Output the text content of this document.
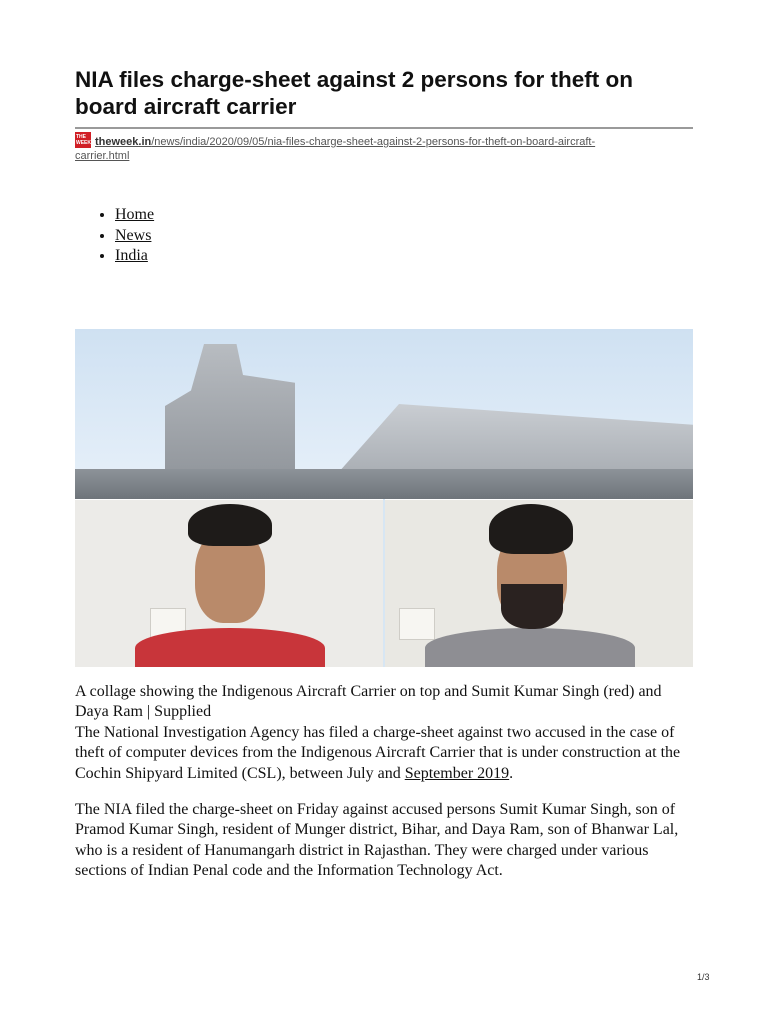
NIA files charge-sheet against 2 persons for theft on board aircraft carrier
THE WEEK theweek.in/news/india/2020/09/05/nia-files-charge-sheet-against-2-persons-for-theft-on-board-aircraft-
carrier.html
• Home
• News
• India

A collage showing the Indigenous Aircraft Carrier on top and Sumit Kumar Singh (red) and Daya Ram | Supplied

The National Investigation Agency has filed a charge-sheet against two accused in the case of theft of computer devices from the Indigenous Aircraft Carrier that is under construction at the Cochin Shipyard Limited (CSL), between July and September 2019.

The NIA filed the charge-sheet on Friday against accused persons Sumit Kumar Singh, son of Pramod Kumar Singh, resident of Munger district, Bihar, and Daya Ram, son of Bhanwar Lal, who is a resident of Hanumangarh district in Rajasthan. They were charged under various sections of Indian Penal code and the Information Technology Act.

1/3
